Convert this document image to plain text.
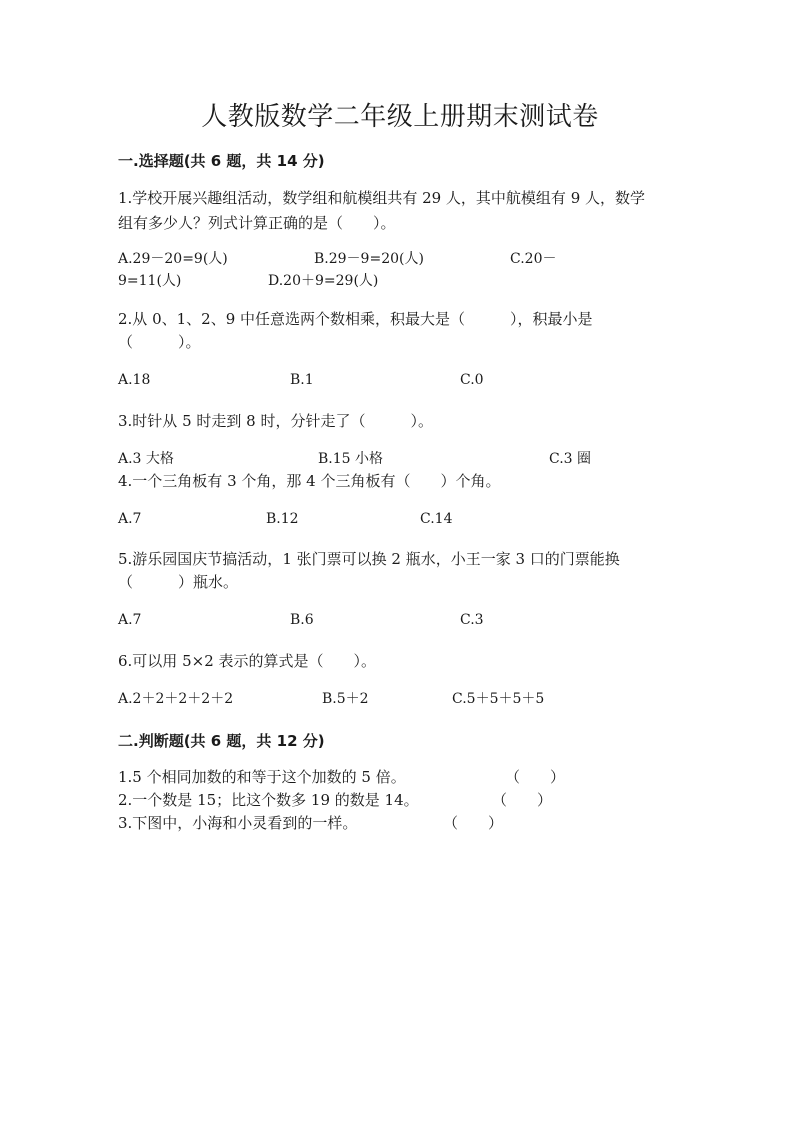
人教版数学二年级上册期末测试卷
一.选择题(共 6 题，共 14 分)
1.学校开展兴趣组活动，数学组和航模组共有 29 人，其中航模组有 9 人，数学
组有多少人？列式计算正确的是（　　）。
A.29－20=9(人)	B.29－9=20(人)	C.20－
9=11(人)	D.20＋9=29(人)
2.从 0、1、2、9 中任意选两个数相乘，积最大是（　　　），积最小是
（　　　）。
A.18	B.1	C.0
3.时针从 5 时走到 8 时，分针走了（　　　）。
A.3 大格	B.15 小格	C.3 圈
4.一个三角板有 3 个角，那 4 个三角板有（　　）个角。
A.7	B.12	C.14
5.游乐园国庆节搞活动，1 张门票可以换 2 瓶水，小王一家 3 口的门票能换
（　　　）瓶水。
A.7	B.6	C.3
6.可以用 5×2 表示的算式是（　　）。
A.2＋2＋2＋2＋2	B.5＋2	C.5＋5＋5＋5
二.判断题(共 6 题，共 12 分)
1.5 个相同加数的和等于这个加数的 5 倍。	（　　）
2.一个数是 15；比这个数多 19 的数是 14。	（　　）
3.下图中，小海和小灵看到的一样。	（　　）
